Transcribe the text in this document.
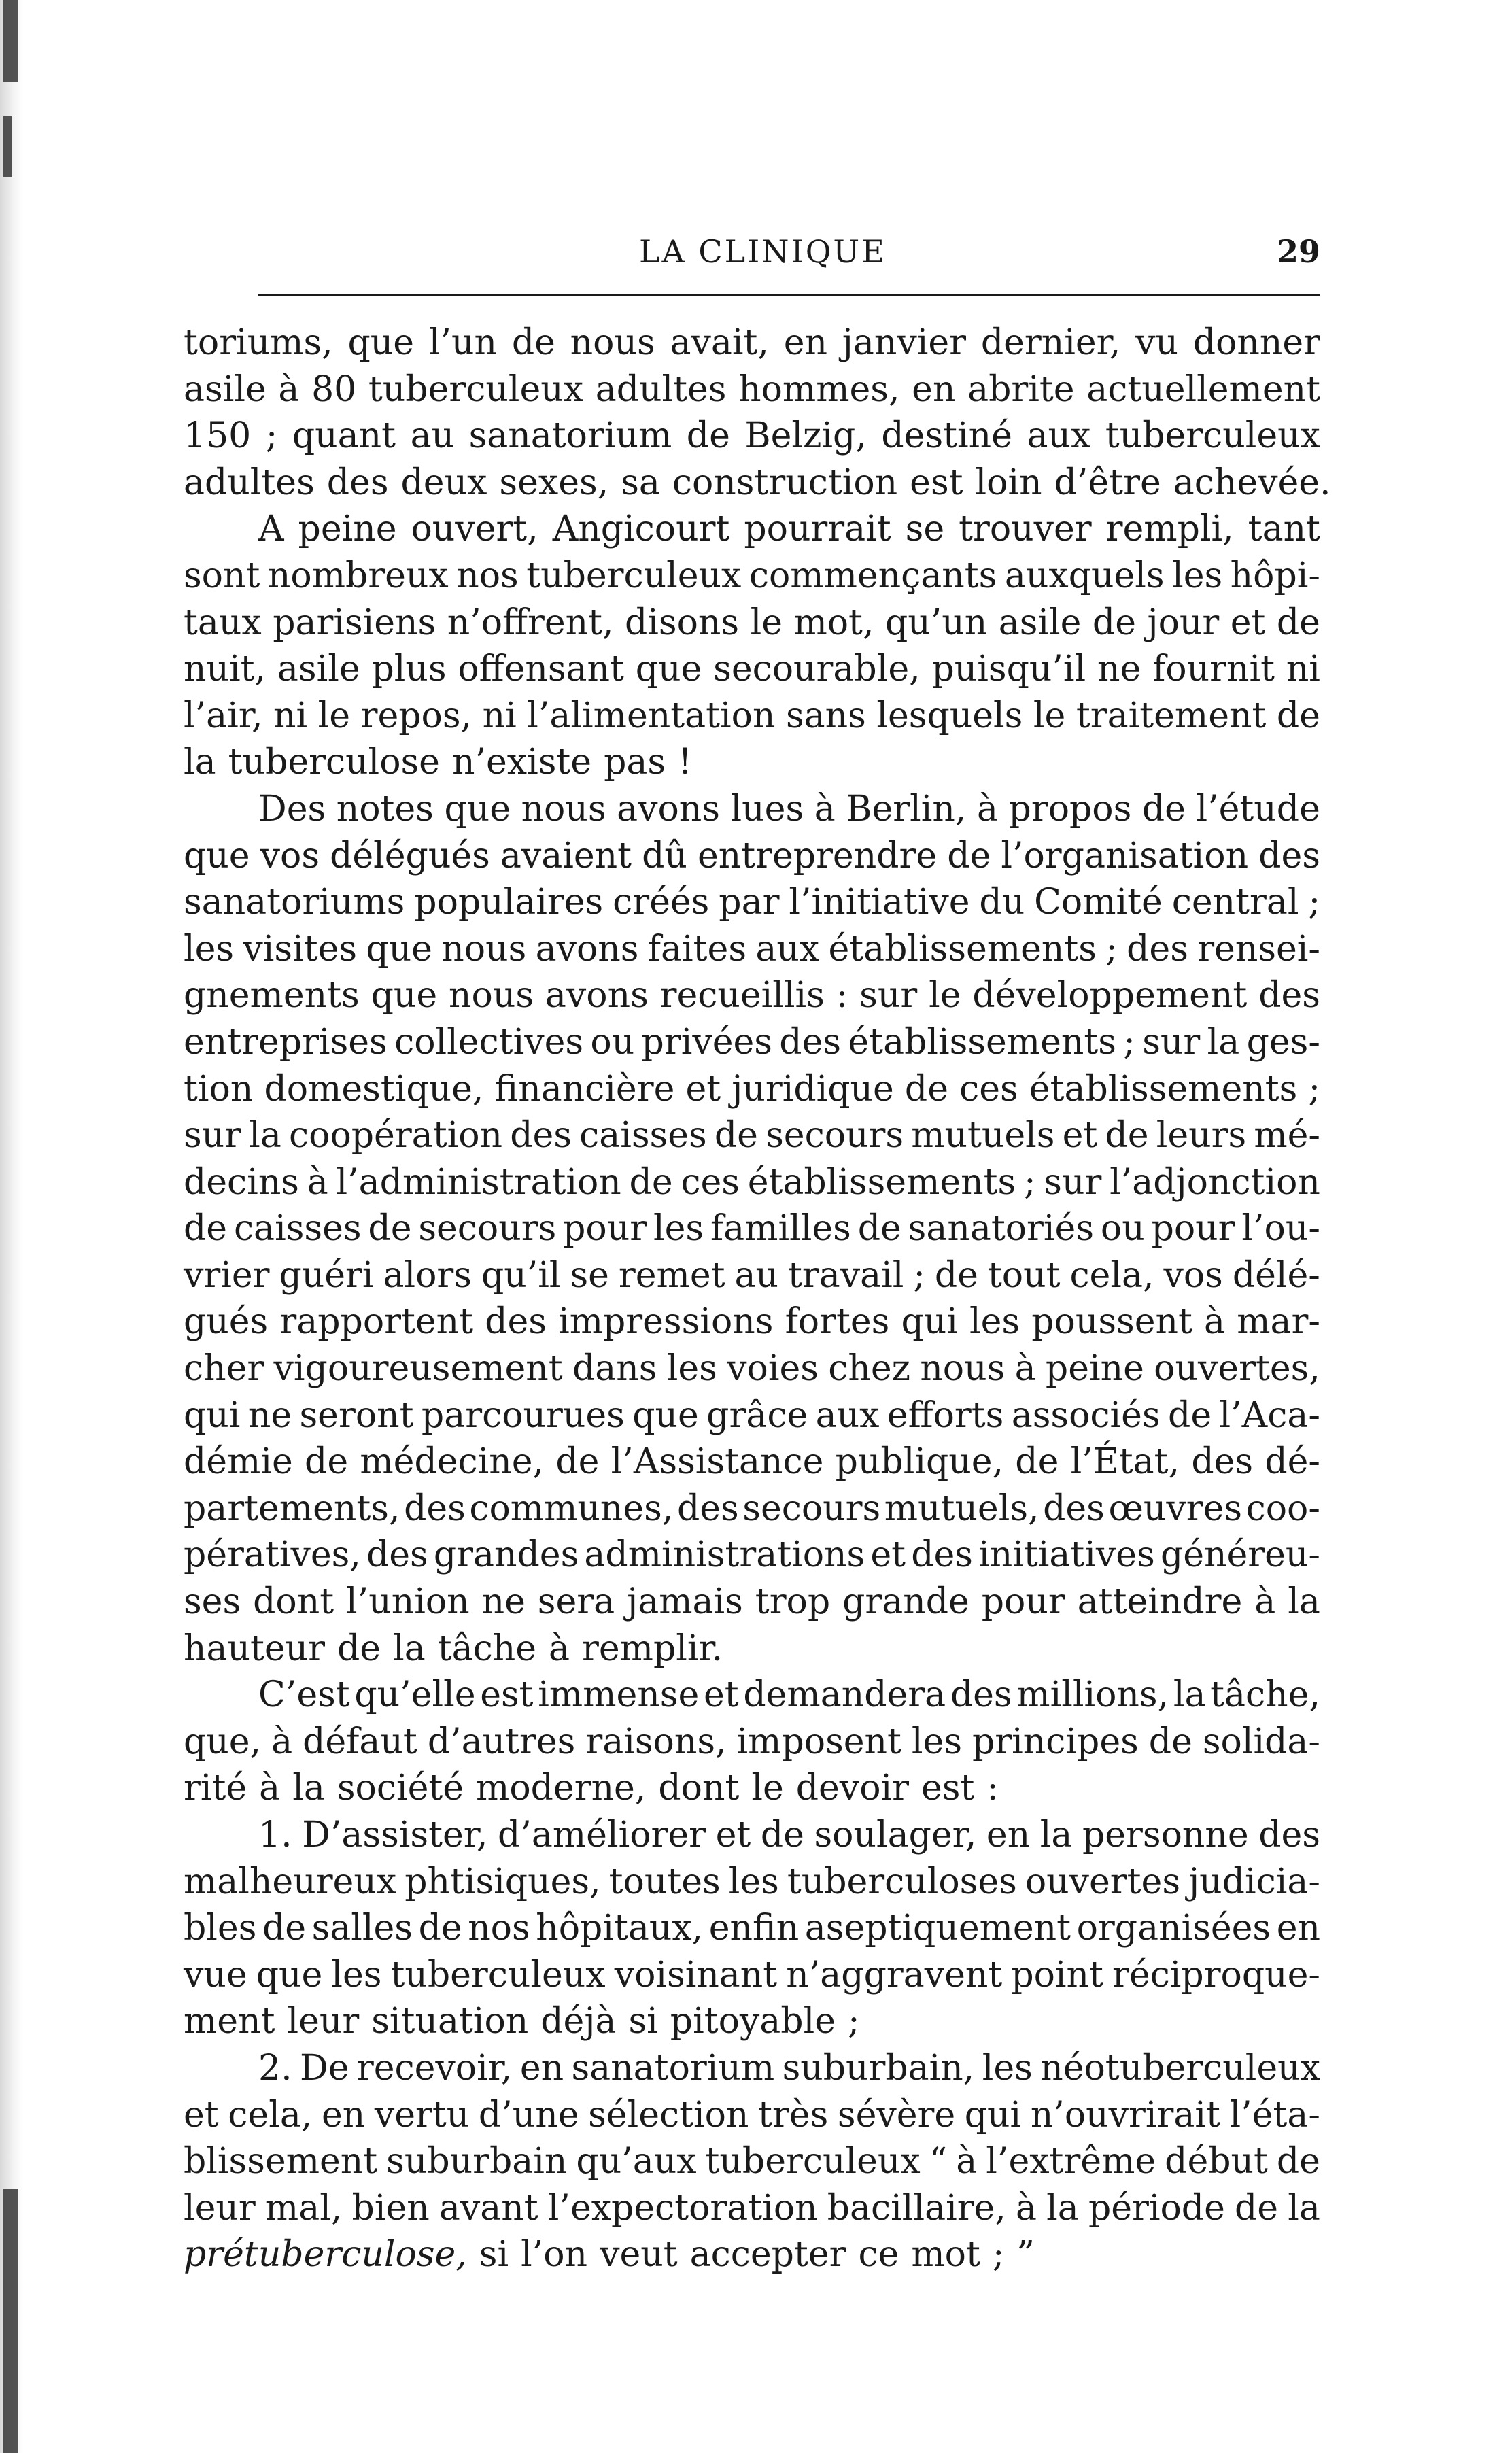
LA CLINIQUE	29
toriums, que l’un de nous avait, en janvier dernier, vu donner
asile à 80 tuberculeux adultes hommes, en abrite actuellement
150 ; quant au sanatorium de Belzig, destiné aux tuberculeux
adultes des deux sexes, sa construction est loin d’être achevée.
A peine ouvert, Angicourt pourrait se trouver rempli, tant
sont nombreux nos tuberculeux commençants auxquels les hôpi-
taux parisiens n’offrent, disons le mot, qu’un asile de jour et de
nuit, asile plus offensant que secourable, puisqu’il ne fournit ni
l’air, ni le repos, ni l’alimentation sans lesquels le traitement de
la tuberculose n’existe pas !
Des notes que nous avons lues à Berlin, à propos de l’étude
que vos délégués avaient dû entreprendre de l’organisation des
sanatoriums populaires créés par l’initiative du Comité central ;
les visites que nous avons faites aux établissements ; des rensei-
gnements que nous avons recueillis : sur le développement des
entreprises collectives ou privées des établissements ; sur la ges-
tion domestique, financière et juridique de ces établissements ;
sur la coopération des caisses de secours mutuels et de leurs mé-
decins à l’administration de ces établissements ; sur l’adjonction
de caisses de secours pour les familles de sanatoriés ou pour l’ou-
vrier guéri alors qu’il se remet au travail ; de tout cela, vos délé-
gués rapportent des impressions fortes qui les poussent à mar-
cher vigoureusement dans les voies chez nous à peine ouvertes,
qui ne seront parcourues que grâce aux efforts associés de l’Aca-
démie de médecine, de l’Assistance publique, de l’État, des dé-
partements, des communes, des secours mutuels, des œuvres coo-
pératives, des grandes administrations et des initiatives généreu-
ses dont l’union ne sera jamais trop grande pour atteindre à la
hauteur de la tâche à remplir.
C’est qu’elle est immense et demandera des millions, la tâche,
que, à défaut d’autres raisons, imposent les principes de solida-
rité à la société moderne, dont le devoir est :
1. D’assister, d’améliorer et de soulager, en la personne des
malheureux phtisiques, toutes les tuberculoses ouvertes judicia-
bles de salles de nos hôpitaux, enfin aseptiquement organisées en
vue que les tuberculeux voisinant n’aggravent point réciproque-
ment leur situation déjà si pitoyable ;
2. De recevoir, en sanatorium suburbain, les néotuberculeux
et cela, en vertu d’une sélection très sévère qui n’ouvrirait l’éta-
blissement suburbain qu’aux tuberculeux “ à l’extrême début de
leur mal, bien avant l’expectoration bacillaire, à la période de la
prétuberculose, si l’on veut accepter ce mot ; ”
